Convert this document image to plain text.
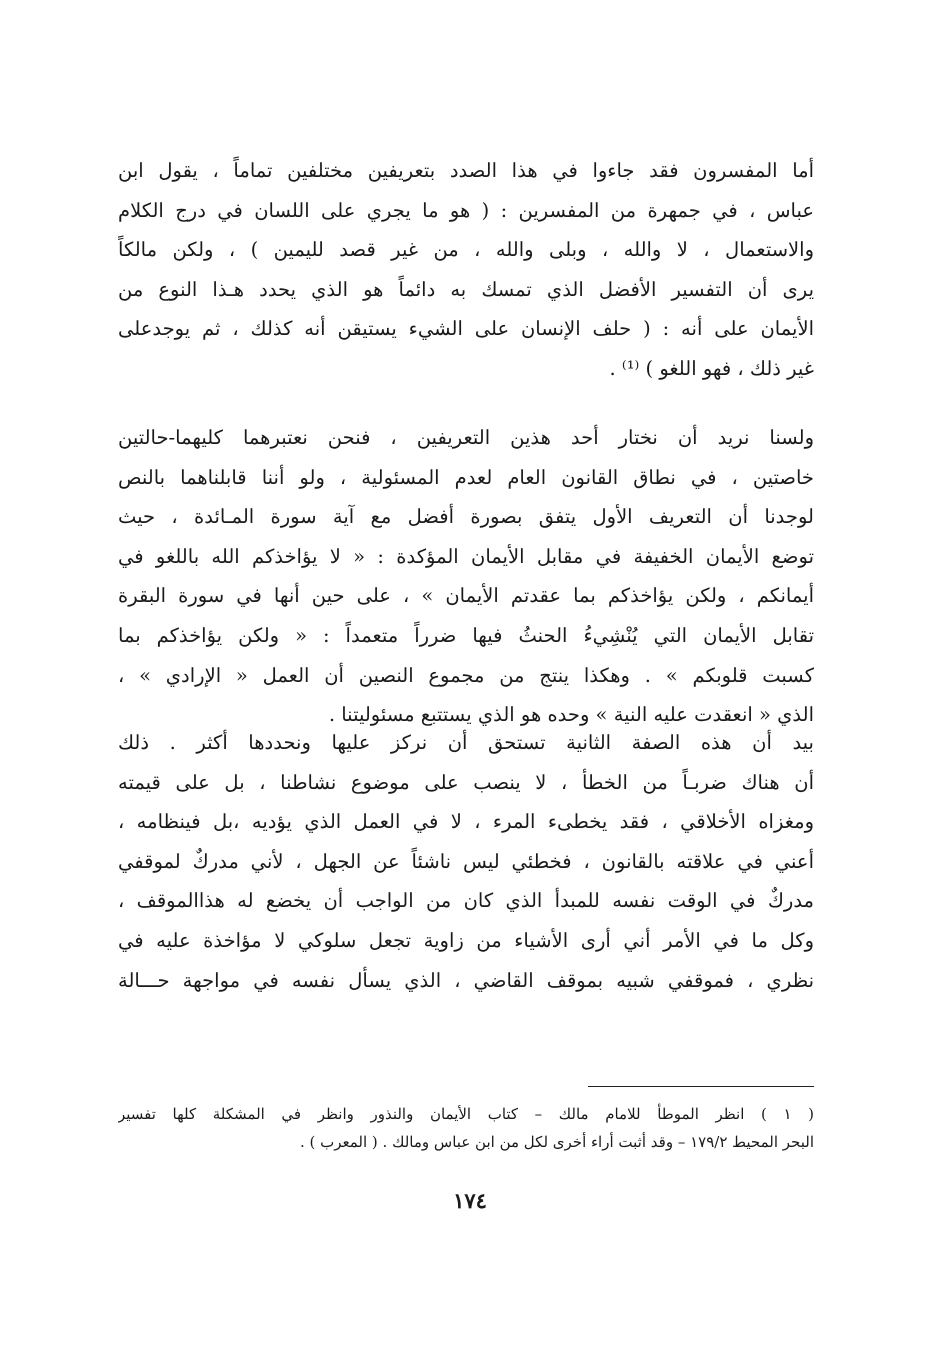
أما المفسرون فقد جاءوا في هذا الصدد بتعريفين مختلفين تماماً ، يقول ابن
عباس ، في جمهرة من المفسرين : ( هو ما يجري على اللسان في درج الكلام
والاستعمال ، لا والله ، وبلى والله ، من غير قصد لليمين ) ، ولكن مالكاً
يرى أن التفسير الأفضل الذي تمسك به دائماً هو الذي يحدد هـذا النوع من
الأيمان على أنه : ( حلف الإنسان على الشيء يستيقن أنه كذلك ، ثم يوجدعلى
غير ذلك ، فهو اللغو ) ⁽¹⁾ .
ولسنا نريد أن نختار أحد هذين التعريفين ، فنحن نعتبرهما كليهما-حالتين
خاصتين ، في نطاق القانون العام لعدم المسئولية ، ولو أننا قابلناهما بالنص
لوجدنا أن التعريف الأول يتفق بصورة أفضل مع آية سورة المـائدة ، حيث
توضع الأيمان الخفيفة في مقابل الأيمان المؤكدة : « لا يؤاخذكم الله باللغو في
أيمانكم ، ولكن يؤاخذكم بما عقدتم الأيمان » ، على حين أنها في سورة البقرة
تقابل الأيمان التي يُنْشِيءُ الحنثُ فيها ضرراً متعمداً : « ولكن يؤاخذكم بما
كسبت قلوبكم » . وهكذا ينتج من مجموع النصين أن العمل « الإرادي » ،
الذي « انعقدت عليه النية » وحده هو الذي يستتبع مسئوليتنا .
بيد أن هذه الصفة الثانية تستحق أن نركز عليها ونحددها أكثر . ذلك
أن هناك ضربـاً من الخطأ ، لا ينصب على موضوع نشاطنا ، بل على قيمته
ومغزاه الأخلاقي ، فقد يخطىء المرء ، لا في العمل الذي يؤديه ،بل فينظامه ،
أعني في علاقته بالقانون ، فخطئي ليس ناشئاً عن الجهل ، لأني مدركٌ لموقفي
مدركٌ في الوقت نفسه للمبدأ الذي كان من الواجب أن يخضع له هذاالموقف ،
وكل ما في الأمر أني أرى الأشياء من زاوية تجعل سلوكي لا مؤاخذة عليه في
نظري ، فموقفي شبيه بموقف القاضي ، الذي يسأل نفسه في مواجهة حـــالة
( ١ ) انظر الموطأ للامام مالك – كتاب الأيمان والنذور وانظر في المشكلة كلها تفسير
البحر المحيط ١٧٩/٢ – وقد أثبت أراء أخرى لكل من ابن عباس ومالك . ( المعرب ) .
١٧٤
